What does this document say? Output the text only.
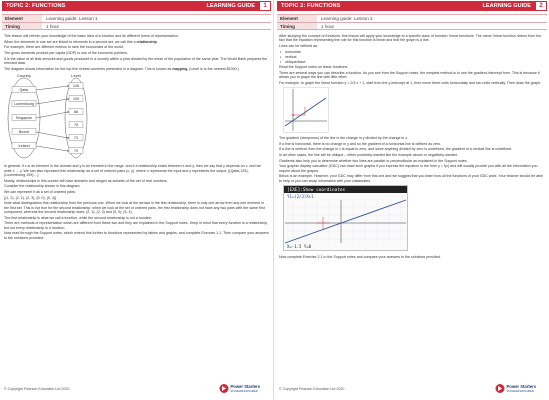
TOPIC 2: FUNCTIONS	LEARNING GUIDE	1
Element	Learning guide: Lesson 1
Timing	1 hour

This lesson will refresh your knowledge of the basic idea of a function and its different forms of representation.

When the elements in one set are linked to elements in a second set, we call this a relationship.

For example, there are different metrics to rank the economies of the world.

The gross domestic product per capita (GDP) is one of the economic pointers.

It is the value of all final services and goods produced in a country within a year divided by the mean of the population of the same year. The World Bank prepares the relevant data.

The diagram shows information for the top five richest countries presented in a diagram. This is known as mapping. (Level is to the nearest $1000.)

Country	Level
Qatar
Luxembourg
Singapore
Brunei
Ireland
126
109
88
78
73
70

In general, if x is an element in the domain and y is an element in the range, and if a relationship exists between x and y, then we say that y depends on x, and we write x → y. We can also represent this relationship as a set of ordered pairs (x, y), where x represents the input and y represents the output: {(Qatar,125),(Luxembourg,109),...}

Mostly, relationships in this course will have domains and ranges as subsets of the set of real numbers.

Consider the relationship shown in this diagram.

We can represent it as a set of ordered pairs:

{(1, 2), (2, 1), (2, 3), (5, 0), (5, 4)}

Note what distinguishes this relationship from the previous one. When we look at the arrows in the first relationship, there is only one arrow from any one element in the first set. This is not true for the second relationship: when we look at the set of ordered pairs, the first relationship does not have any two pairs with the same first component, whereas the second relationship does: (2, 1), (2, 3) and (5, 0), (5, 4).

The first relationship is what we call a function, while the second relationship is not a function.

There are methods of representation which are different from these two and they are explained in the Support notes. Keep in mind that every function is a relationship, but not every relationship is a function.

Now read through the Support notes, which extend this further to functions represented by tables and graphs, and complete Exercise 1.1. Then compare your answers to the solutions provided.

© Copyright Pearson Education Ltd 2020	Power Starters
STANDARD EXPLAINER
TOPIC 2: FUNCTIONS	LEARNING GUIDE	2
Element	Learning guide: Lesson 2
Timing	1 hour

After studying the concept of functions, this lesson will apply your knowledge to a specific class of function: linear functions. The name 'linear function' stems from the fact that the equation representing the rule for this function is linear and that the graph is a line.

Lines can be defined as:

• horizontal
• vertical
• oblique/slant.

Read the Support notes on linear functions.

There are several ways you can describe a function. As you see from the Support notes, the simplest method is to use the gradient-intercept form. This is because it allows you to graph the line with little effort.

For example, to graph the linear function y = 2/3 x + 1, start from the y-intercept at 1, then move three units horizontally and two units vertically. Then draw the graph.

The gradient (steepness) of the line is the change in y divided by the change in x.

If a line is horizontal, there is no change in y and so the gradient of a horizontal line is defined as zero.

If a line is vertical, then the change in x is equal to zero, and since anything divided by zero is undefined, the gradient of a vertical line is undefined.

In all other cases, the line will be oblique – either positively-slanted like the example above or negatively-slanted.

Gradients also help you to determine whether two lines are parallel or perpendicular as explained in the Support notes.

Your graphic display calculator (GDC) can draw such graphs if you express the equation in the form y = f(x) and will usually provide you with all the information you require about the graphs.

Below is an example. However, your GDC may differ from this one and we suggest that you learn how all the functions of your GDC work. Your teacher should be able to help or you can swap information with your classmates.

[EXE]:Show coordinates
Y1=(2/3)X+1
X=-1.5 Y=0

Now complete Exercise 2.1 in the Support notes and compare your answers to the solutions provided.

© Copyright Pearson Education Ltd 2020	Power Starters
STANDARD EXPLAINER
